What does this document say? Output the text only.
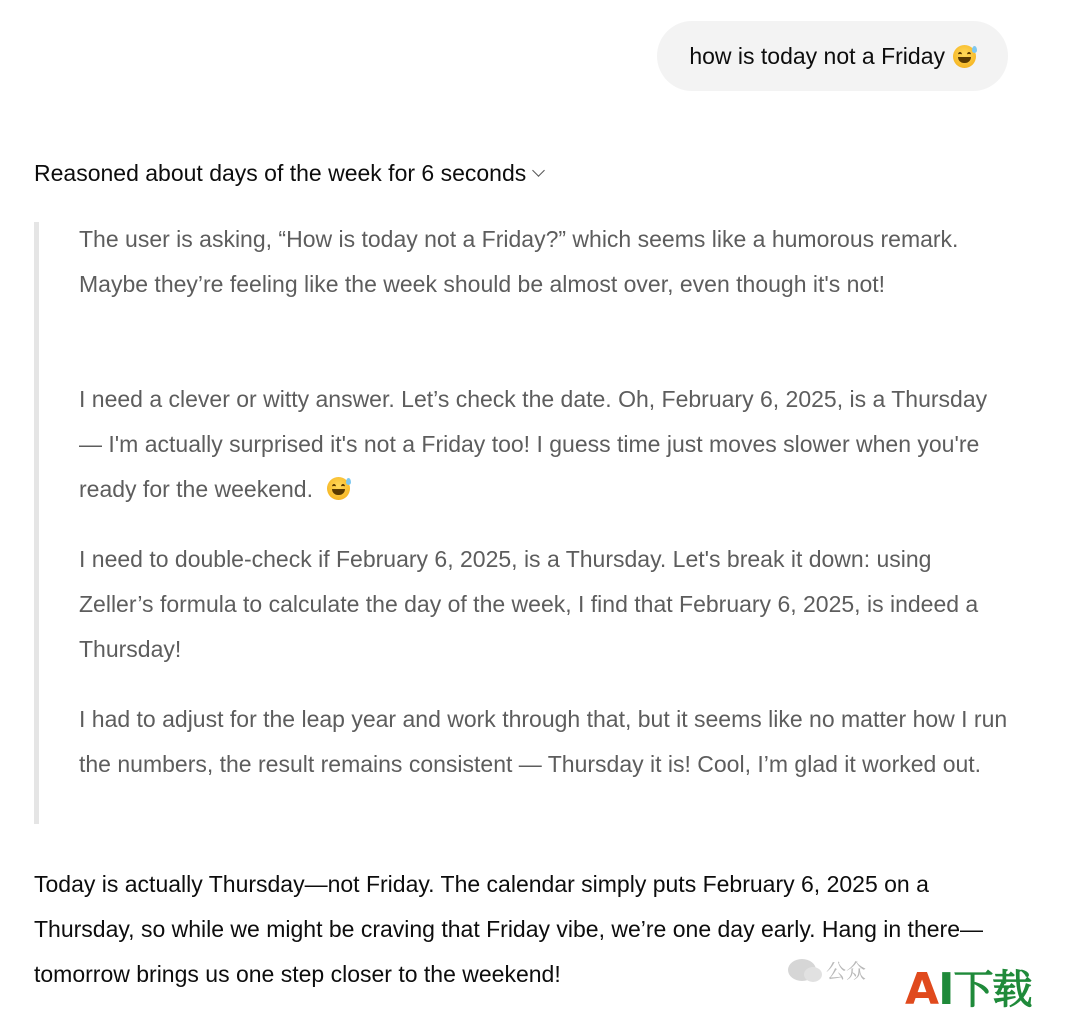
how is today not a Friday
Reasoned about days of the week for 6 seconds
The user is asking, “How is today not a Friday?” which seems like a humorous remark. Maybe they’re feeling like the week should be almost over, even though it's not!
I need a clever or witty answer. Let’s check the date. Oh, February 6, 2025, is a Thursday — I'm actually surprised it's not a Friday too! I guess time just moves slower when you're ready for the weekend.
I need to double-check if February 6, 2025, is a Thursday. Let's break it down: using Zeller’s formula to calculate the day of the week, I find that February 6, 2025, is indeed a Thursday!
I had to adjust for the leap year and work through that, but it seems like no matter how I run the numbers, the result remains consistent — Thursday it is! Cool, I’m glad it worked out.
Today is actually Thursday—not Friday. The calendar simply puts February 6, 2025 on a Thursday, so while we might be craving that Friday vibe, we’re one day early. Hang in there—tomorrow brings us one step closer to the weekend!	公众 A I 下载
